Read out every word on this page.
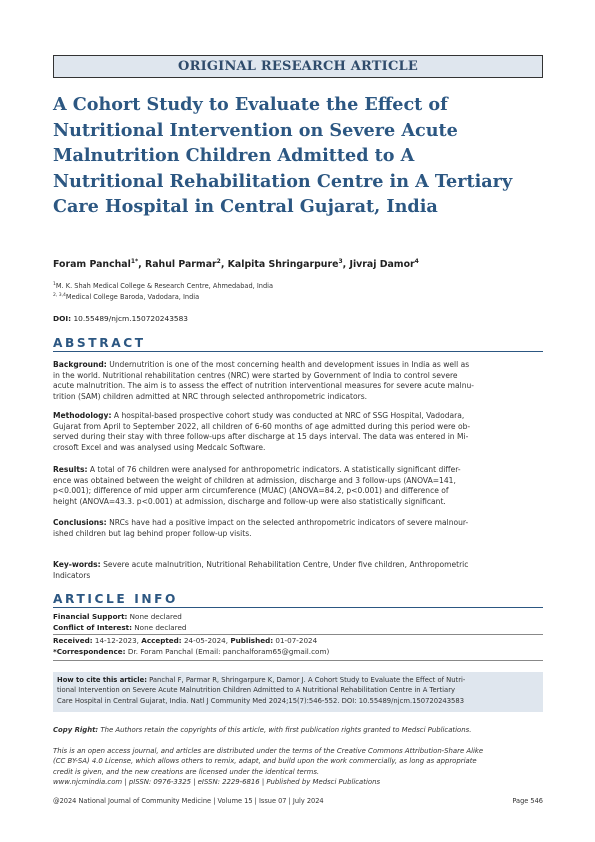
ORIGINAL RESEARCH ARTICLE
A Cohort Study to Evaluate the Effect of
Nutritional Intervention on Severe Acute
Malnutrition Children Admitted to A
Nutritional Rehabilitation Centre in A Tertiary
Care Hospital in Central Gujarat, India
Foram Panchal$^{1*}$, Rahul Parmar$^2$, Kalpita Shringarpure$^3$, Jivraj Damor$^4$
$^1$M. K. Shah Medical College & Research Centre, Ahmedabad, India
$^{2, 3,4}$Medical College Baroda, Vadodara, India
DOI: 10.55489/njcm.150720243583
ABSTRACT
Background: Undernutrition is one of the most concerning health and development issues in India as well as
in the world. Nutritional rehabilitation centres (NRC) were started by Government of India to control severe
acute malnutrition. The aim is to assess the effect of nutrition interventional measures for severe acute malnu-
trition (SAM) children admitted at NRC through selected anthropometric indicators.
Methodology: A hospital-based prospective cohort study was conducted at NRC of SSG Hospital, Vadodara,
Gujarat from April to September 2022, all children of 6-60 months of age admitted during this period were ob-
served during their stay with three follow-ups after discharge at 15 days interval. The data was entered in Mi-
crosoft Excel and was analysed using Medcalc Software.
Results: A total of 76 children were analysed for anthropometric indicators. A statistically significant differ-
ence was obtained between the weight of children at admission, discharge and 3 follow-ups (ANOVA=141,
p<0.001); difference of mid upper arm circumference (MUAC) (ANOVA=84.2, p<0.001) and difference of
height (ANOVA=43.3. p<0.001) at admission, discharge and follow-up were also statistically significant.
Conclusions: NRCs have had a positive impact on the selected anthropometric indicators of severe malnour-
ished children but lag behind proper follow-up visits.
Key-words: Severe acute malnutrition, Nutritional Rehabilitation Centre, Under five children, Anthropometric
Indicators
ARTICLE INFO
Financial Support: None declared
Conflict of Interest: None declared
Received: 14-12-2023, Accepted: 24-05-2024, Published: 01-07-2024
*Correspondence: Dr. Foram Panchal (Email: panchalforam65@gmail.com)
How to cite this article: Panchal F, Parmar R, Shringarpure K, Damor J. A Cohort Study to Evaluate the Effect of Nutri-
tional Intervention on Severe Acute Malnutrition Children Admitted to A Nutritional Rehabilitation Centre in A Tertiary
Care Hospital in Central Gujarat, India. Natl J Community Med 2024;15(7):546-552. DOI: 10.55489/njcm.150720243583
Copy Right: The Authors retain the copyrights of this article, with first publication rights granted to Medsci Publications.
This is an open access journal, and articles are distributed under the terms of the Creative Commons Attribution-Share Alike
(CC BY-SA) 4.0 License, which allows others to remix, adapt, and build upon the work commercially, as long as appropriate
credit is given, and the new creations are licensed under the identical terms.
www.njcmindia.com | pISSN: 0976-3325 | eISSN: 2229-6816 | Published by Medsci Publications
@2024 National Journal of Community Medicine | Volume 15 | Issue 07 | July 2024	Page 546
